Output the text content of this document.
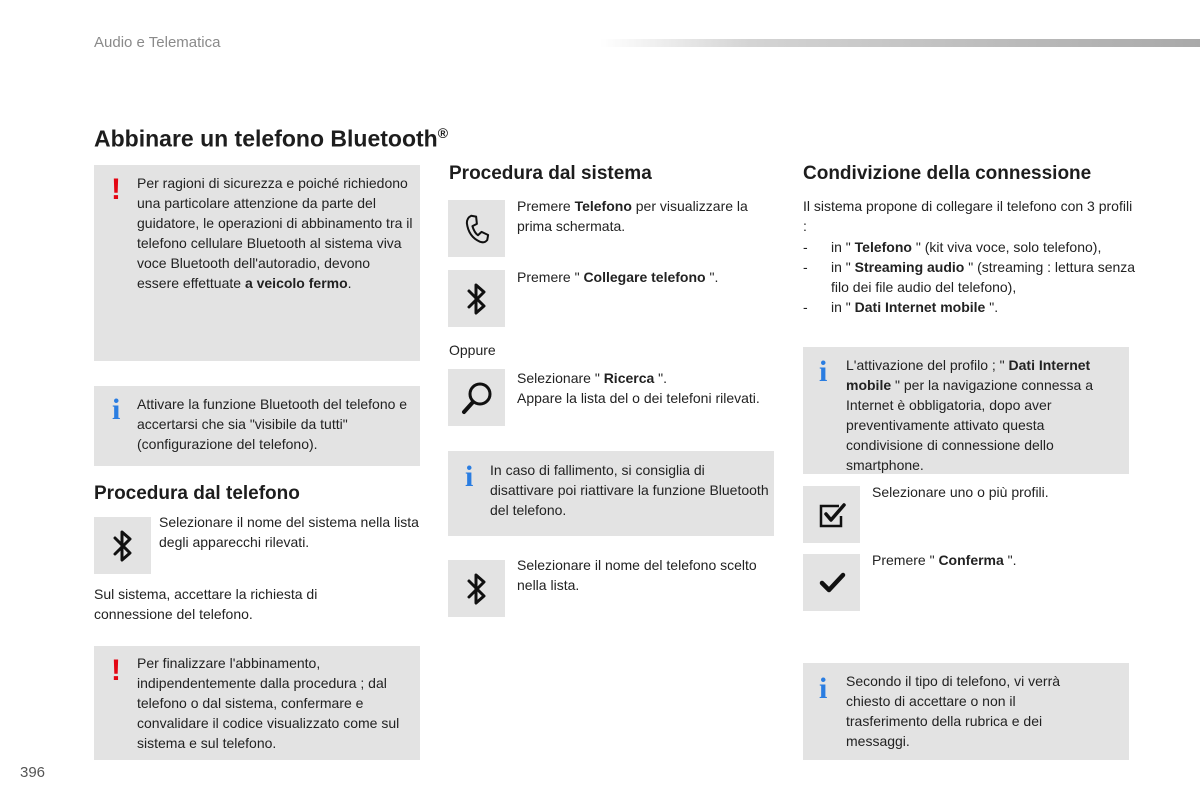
Audio e Telematica
Abbinare un telefono Bluetooth®
! Per ragioni di sicurezza e poiché richiedono una particolare attenzione da parte del guidatore, le operazioni di abbinamento tra il telefono cellulare Bluetooth al sistema viva voce Bluetooth dell'autoradio, devono essere effettuate a veicolo fermo.
i Attivare la funzione Bluetooth del telefono e accertarsi che sia "visibile da tutti" (configurazione del telefono).
Procedura dal telefono
Selezionare il nome del sistema nella lista degli apparecchi rilevati.
Sul sistema, accettare la richiesta di connessione del telefono.
! Per finalizzare l'abbinamento, indipendentemente dalla procedura ; dal telefono o dal sistema, confermare e convalidare il codice visualizzato come sul sistema e sul telefono.
Procedura dal sistema
Premere Telefono per visualizzare la prima schermata.
Premere " Collegare telefono ".
Oppure
Selezionare " Ricerca ".
Appare la lista del o dei telefoni rilevati.
i In caso di fallimento, si consiglia di disattivare poi riattivare la funzione Bluetooth del telefono.
Selezionare il nome del telefono scelto nella lista.
Condivizione della connessione
Il sistema propone di collegare il telefono con 3 profili :
- in " Telefono " (kit viva voce, solo telefono),
- in " Streaming audio " (streaming : lettura senza filo dei file audio del telefono),
- in " Dati Internet mobile ".
i L'attivazione del profilo ; " Dati Internet mobile " per la navigazione connessa a Internet è obbligatoria, dopo aver preventivamente attivato questa condivisione di connessione dello smartphone.
Selezionare uno o più profili.
Premere " Conferma ".
i Secondo il tipo di telefono, vi verrà chiesto di accettare o non il trasferimento della rubrica e dei messaggi.
396
